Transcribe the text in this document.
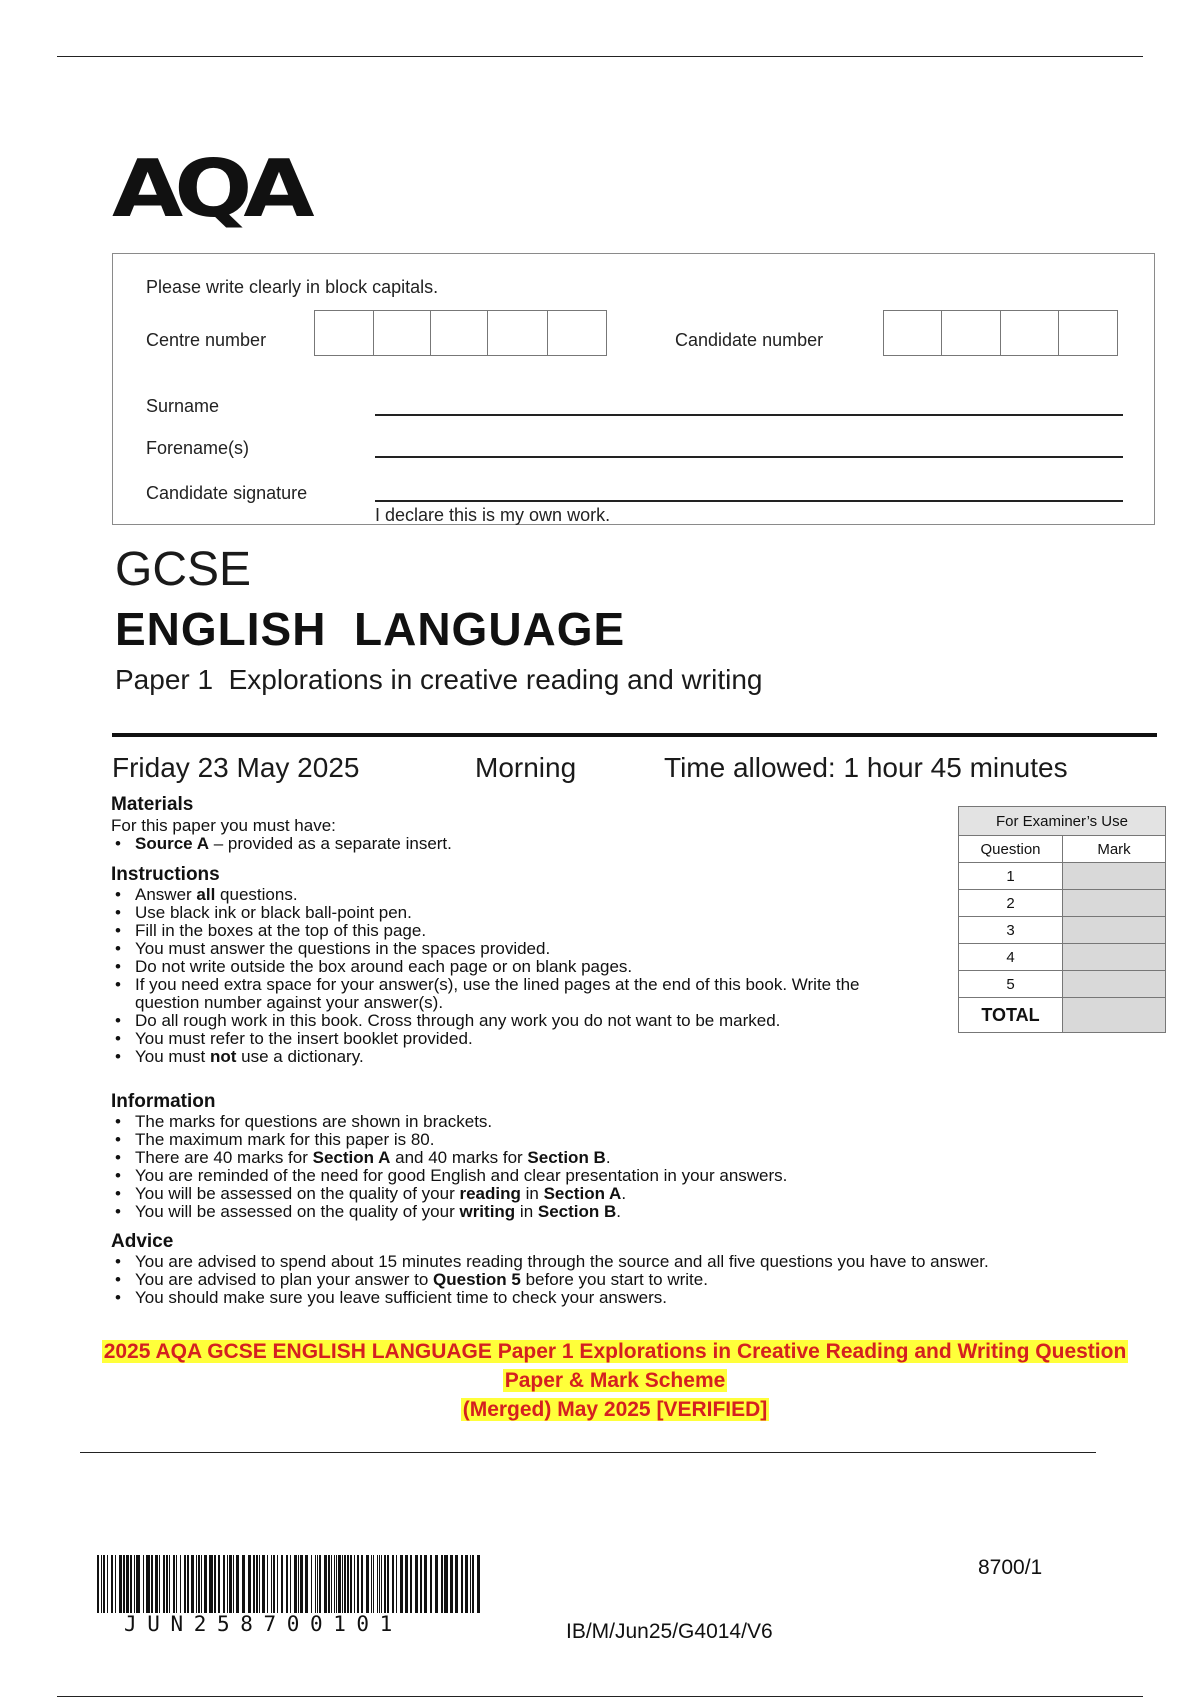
AQA
Please write clearly in block capitals.
Centre number	Candidate number
Surname
Forename(s)
Candidate signature
I declare this is my own work.
GCSE
ENGLISH  LANGUAGE
Paper 1  Explorations in creative reading and writing
Friday 23 May 2025	Morning	Time allowed: 1 hour 45 minutes
Materials
For this paper you must have:
• Source A – provided as a separate insert.
Instructions
• Answer all questions.
• Use black ink or black ball-point pen.
• Fill in the boxes at the top of this page.
• You must answer the questions in the spaces provided.
• Do not write outside the box around each page or on blank pages.
• If you need extra space for your answer(s), use the lined pages at the end of this book. Write the question number against your answer(s).
• Do all rough work in this book. Cross through any work you do not want to be marked.
• You must refer to the insert booklet provided.
• You must not use a dictionary.
Information
• The marks for questions are shown in brackets.
• The maximum mark for this paper is 80.
• There are 40 marks for Section A and 40 marks for Section B.
• You are reminded of the need for good English and clear presentation in your answers.
• You will be assessed on the quality of your reading in Section A.
• You will be assessed on the quality of your writing in Section B.
Advice
• You are advised to spend about 15 minutes reading through the source and all five questions you have to answer.
• You are advised to plan your answer to Question 5 before you start to write.
• You should make sure you leave sufficient time to check your answers.
For Examiner’s Use	
Question	Mark
1	
2	
3	
4	
5	
TOTAL	
2025 AQA GCSE ENGLISH LANGUAGE Paper 1 Explorations in Creative Reading and Writing Question
Paper & Mark Scheme
(Merged) May 2025 [VERIFIED]
JUN258700101
8700/1
IB/M/Jun25/G4014/V6
